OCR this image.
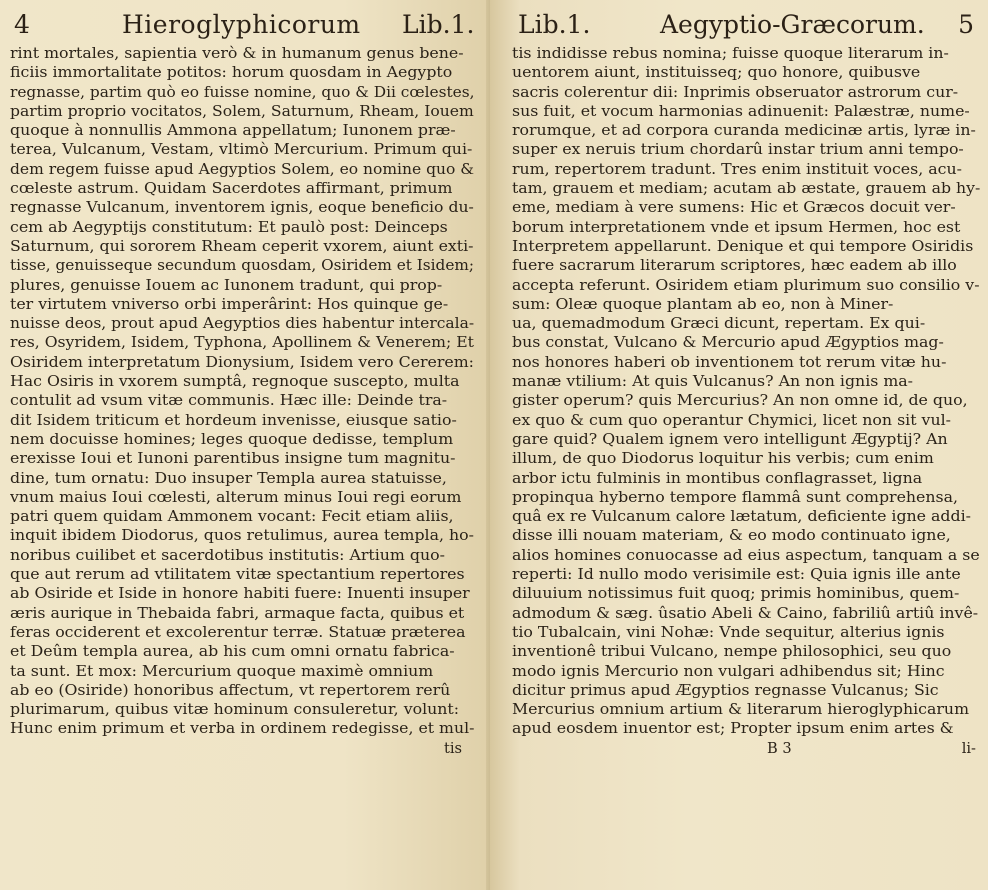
4	Hieroglyphicorum Lib.1.
rint mortales, sapientia verò & in humanum genus bene-
ficiis immortalitate potitos: horum quosdam in Aegypto
regnasse, partim quò eo fuisse nomine, quo & Dii cœlestes,
partim proprio vocitatos, Solem, Saturnum, Rheam, Iouem
quoque à nonnullis Ammona appellatum; Iunonem præ-
terea, Vulcanum, Vestam, vltimò Mercurium. Primum qui-
dem regem fuisse apud Aegyptios Solem, eo nomine quo &
cœleste astrum. Quidam Sacerdotes affirmant, primum
regnasse Vulcanum, inventorem ignis, eoque beneficio du-
cem ab Aegyptijs constitutum: Et paulò post: Deinceps
Saturnum, qui sororem Rheam ceperit vxorem, aiunt exti-
tisse, genuisseque secundum quosdam, Osiridem et Isidem;
plures, genuisse Iouem ac Iunonem tradunt, qui prop-
ter virtutem vniverso orbi imperârint: Hos quinque ge-
nuisse deos, prout apud Aegyptios dies habentur intercala-
res, Osyridem, Isidem, Typhona, Apollinem & Venerem; Et
Osiridem interpretatum Dionysium, Isidem vero Cererem:
Hac Osiris in vxorem sumptâ, regnoque suscepto, multa
contulit ad vsum vitæ communis. Hæc ille: Deinde tra-
dit Isidem triticum et hordeum invenisse, eiusque satio-
nem docuisse homines; leges quoque dedisse, templum
erexisse Ioui et Iunoni parentibus insigne tum magnitu-
dine, tum ornatu: Duo insuper Templa aurea statuisse,
vnum maius Ioui cœlesti, alterum minus Ioui regi eorum
patri quem quidam Ammonem vocant: Fecit etiam aliis,
inquit ibidem Diodorus, quos retulimus, aurea templa, ho-
noribus cuilibet et sacerdotibus institutis: Artium quo-
que aut rerum ad vtilitatem vitæ spectantium repertores
ab Osiride et Iside in honore habiti fuere: Inuenti insuper
æris aurique in Thebaida fabri, armaque facta, quibus et
feras occiderent et excolerentur terræ. Statuæ præterea
et Deûm templa aurea, ab his cum omni ornatu fabrica-
ta sunt. Et mox: Mercurium quoque maximè omnium
ab eo (Osiride) honoribus affectum, vt repertorem rerû
plurimarum, quibus vitæ hominum consuleretur, volunt:
Hunc enim primum et verba in ordinem redegisse, et mul-
tis
Lib.1.	Aegyptio-Græcorum. 5
tis indidisse rebus nomina; fuisse quoque literarum in-
uentorem aiunt, instituisseq; quo honore, quibusve
sacris colerentur dii: Inprimis obseruator astrorum cur-
sus fuit, et vocum harmonias adinuenit: Palæstræ, nume-
rorumque, et ad corpora curanda medicinæ artis, lyræ in-
super ex neruis trium chordarû instar trium anni tempo-
rum, repertorem tradunt. Tres enim instituit voces, acu-
tam, grauem et mediam; acutam ab æstate, grauem ab hy-
eme, mediam à vere sumens: Hic et Græcos docuit ver-
borum interpretationem vnde et ipsum Hermen, hoc est
Interpretem appellarunt. Denique et qui tempore Osiridis
fuere sacrarum literarum scriptores, hæc eadem ab illo
accepta referunt. Osiridem etiam plurimum suo consilio v-
sum: Oleæ quoque plantam ab eo, non à Miner-
ua, quemadmodum Græci dicunt, repertam. Ex qui-
bus constat, Vulcano & Mercurio apud Ægyptios mag-
nos honores haberi ob inventionem tot rerum vitæ hu-
manæ vtilium: At quis Vulcanus? An non ignis ma-
gister operum? quis Mercurius? An non omne id, de quo,
ex quo & cum quo operantur Chymici, licet non sit vul-
gare quid? Qualem ignem vero intelligunt Ægyptij? An
illum, de quo Diodorus loquitur his verbis; cum enim
arbor ictu fulminis in montibus conflagrasset, ligna
propinqua hyberno tempore flammâ sunt comprehensa,
quâ ex re Vulcanum calore lætatum, deficiente igne addi-
disse illi nouam materiam, & eo modo continuato igne,
alios homines conuocasse ad eius aspectum, tanquam a se
reperti: Id nullo modo verisimile est: Quia ignis ille ante
diluuium notissimus fuit quoq; primis hominibus, quem-
admodum & sæg. ûsatio Abeli & Caino, fabriliû artiû invê-
tio Tubalcain, vini Nohæ: Vnde sequitur, alterius ignis
inventionê tribui Vulcano, nempe philosophici, seu quo
modo ignis Mercurio non vulgari adhibendus sit; Hinc
dicitur primus apud Ægyptios regnasse Vulcanus; Sic
Mercurius omnium artium & literarum hieroglyphicarum
apud eosdem inuentor est; Propter ipsum enim artes &
B 3	li-
